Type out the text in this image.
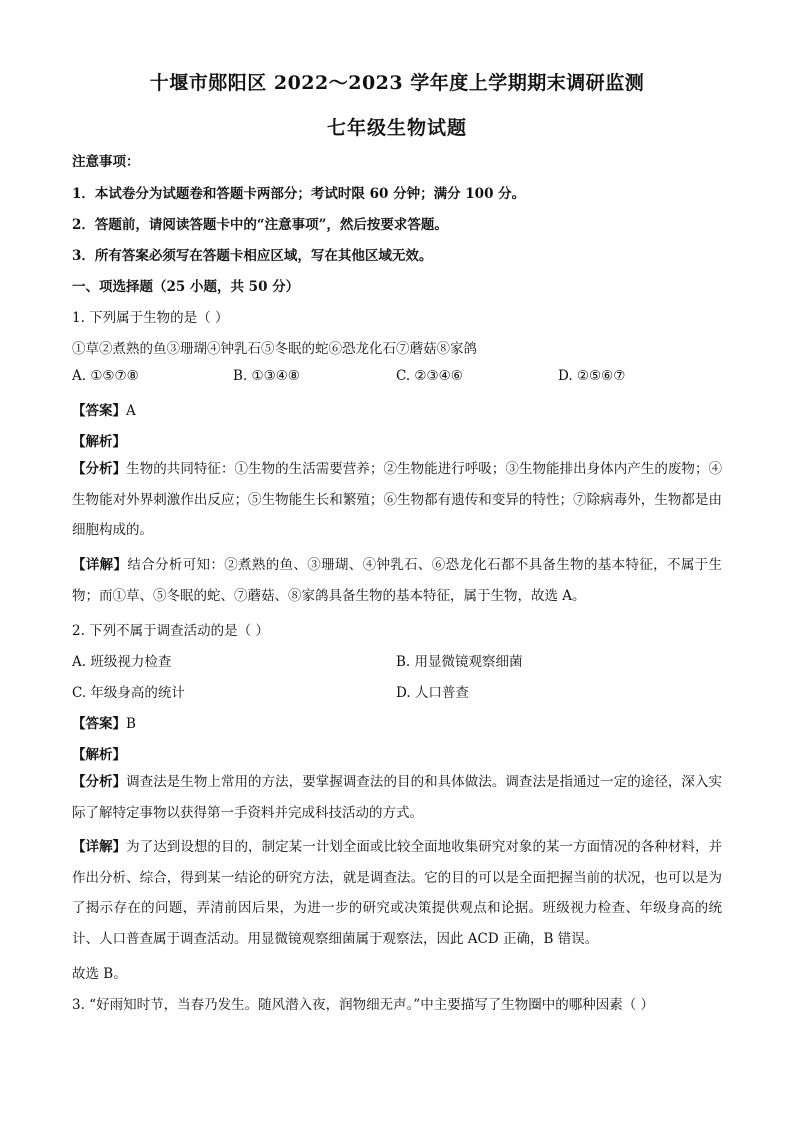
十堰市郧阳区 2022～2023 学年度上学期期末调研监测
七年级生物试题
注意事项：
1．本试卷分为试题卷和答题卡两部分；考试时限 60 分钟；满分 100 分。
2．答题前，请阅读答题卡中的“注意事项”，然后按要求答题。
3．所有答案必须写在答题卡相应区域，写在其他区域无效。
一、项选择题（25 小题，共 50 分）
1. 下列属于生物的是（ ）
①草②煮熟的鱼③珊瑚④钟乳石⑤冬眠的蛇⑥恐龙化石⑦蘑菇⑧家鸽
A. ①⑤⑦⑧	B. ①③④⑧	C. ②③④⑥	D. ②⑤⑥⑦
【答案】A
【解析】
【分析】生物的共同特征：①生物的生活需要营养；②生物能进行呼吸；③生物能排出身体内产生的废物；④生物能对外界刺激作出反应；⑤生物能生长和繁殖；⑥生物都有遗传和变异的特性；⑦除病毒外，生物都是由细胞构成的。
【详解】结合分析可知：②煮熟的鱼、③珊瑚、④钟乳石、⑥恐龙化石都不具备生物的基本特征，不属于生物；而①草、⑤冬眠的蛇、⑦蘑菇、⑧家鸽具备生物的基本特征，属于生物，故选 A。
2. 下列不属于调查活动的是（ ）
A. 班级视力检查	B. 用显微镜观察细菌
C. 年级身高的统计	D. 人口普查
【答案】B
【解析】
【分析】调查法是生物上常用的方法，要掌握调查法的目的和具体做法。调查法是指通过一定的途径，深入实际了解特定事物以获得第一手资料并完成科技活动的方式。
【详解】为了达到设想的目的，制定某一计划全面或比较全面地收集研究对象的某一方面情况的各种材料，并作出分析、综合，得到某一结论的研究方法，就是调查法。它的目的可以是全面把握当前的状况，也可以是为了揭示存在的问题，弄清前因后果，为进一步的研究或决策提供观点和论据。班级视力检查、年级身高的统计、人口普查属于调查活动。用显微镜观察细菌属于观察法，因此 ACD 正确，B 错误。
故选 B。
3. “好雨知时节，当春乃发生。随风潜入夜，润物细无声。”中主要描写了生物圈中的哪种因素（ ）
